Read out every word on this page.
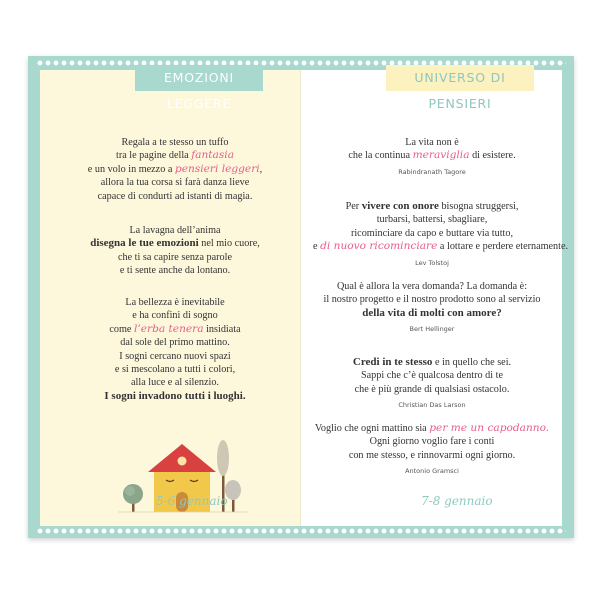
Regala a te stesso un tuffo
tra le pagine della fantasia
e un volo in mezzo a pensieri leggeri,
allora la tua corsa si farà danza lieve
capace di condurti ad istanti di magia.
La lavagna dell’anima
disegna le tue emozioni nel mio cuore,
che ti sa capire senza parole
e ti sente anche da lontano.
La bellezza è inevitabile
e ha confini di sogno
come l’erba tenera insidiata
dal sole del primo mattino.
I sogni cercano nuovi spazi
e si mescolano a tutti i colori,
alla luce e al silenzio.
I sogni invadono tutti i luoghi.
5-6 gennaio
La vita non è
che la continua meraviglia di esistere.
Rabindranath Tagore
Per vivere con onore bisogna struggersi,
turbarsi, battersi, sbagliare,
ricominciare da capo e buttare via tutto,
e di nuovo ricominciare a lottare e perdere eternamente.
Lev Tolstoj
Qual è allora la vera domanda? La domanda è:
il nostro progetto e il nostro prodotto sono al servizio
della vita di molti con amore?
Bert Hellinger
Credi in te stesso e in quello che sei.
Sappi che c’è qualcosa dentro di te
che è più grande di qualsiasi ostacolo.
Christian Das Larson
Voglio che ogni mattino sia per me un capodanno.
Ogni giorno voglio fare i conti
con me stesso, e rinnovarmi ogni giorno.
Antonio Gramsci
7-8 gennaio
EMOZIONI LEGGERE
UNIVERSO DI PENSIERI
